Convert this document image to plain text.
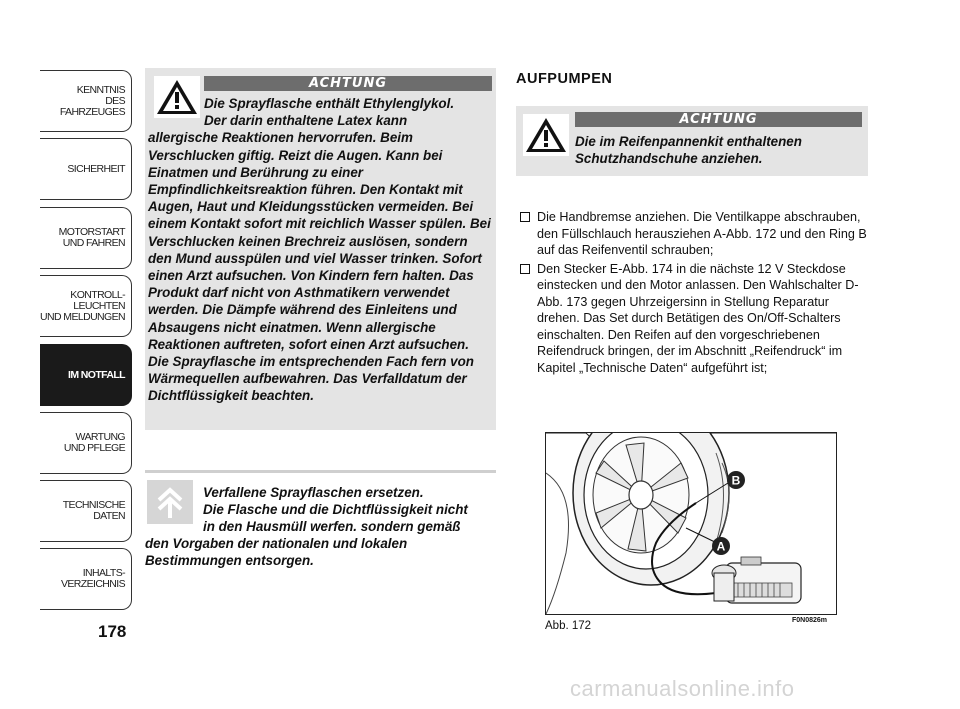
KENNTNIS
DES FAHRZEUGES
SICHERHEIT
MOTORSTART
UND FAHREN
KONTROLL-
LEUCHTEN
UND MELDUNGEN
IM NOTFALL
WARTUNG
UND PFLEGE
TECHNISCHE
DATEN
INHALTS-
VERZEICHNIS
178
ACHTUNG
Die Sprayflasche enthält Ethylenglykol.
Der darin enthaltene Latex kann
allergische Reaktionen hervorrufen. Beim Verschlucken giftig. Reizt die Augen. Kann bei Einatmen und Berührung zu einer Empfindlichkeitsreaktion führen. Den Kontakt mit Augen, Haut und Kleidungsstücken vermeiden. Bei einem Kontakt sofort mit reichlich Wasser spülen. Bei Verschlucken keinen Brechreiz auslösen, sondern den Mund ausspülen und viel Wasser trinken. Sofort einen Arzt aufsuchen. Von Kindern fern halten. Das Produkt darf nicht von Asthmatikern verwendet werden. Die Dämpfe während des Einleitens und Absaugens nicht einatmen. Wenn allergische Reaktionen auftreten, sofort einen Arzt aufsuchen. Die Sprayflasche im entsprechenden Fach fern von Wärmequellen aufbewahren. Das Verfalldatum der Dichtflüssigkeit beachten.
Verfallene Sprayflaschen ersetzen.
Die Flasche und die Dichtflüssigkeit nicht
in den Hausmüll werfen. sondern gemäß
den Vorgaben der nationalen und lokalen Bestimmungen entsorgen.
AUFPUMPEN
ACHTUNG
Die im Reifenpannenkit enthaltenen Schutzhandschuhe anziehen.
Die Handbremse anziehen. Die Ventilkappe abschrauben, den Füllschlauch herausziehen A-Abb. 172 und den Ring B auf das Reifenventil schrauben;
Den Stecker E-Abb. 174 in die nächste 12 V Steckdose einstecken und den Motor anlassen. Den Wahlschalter D-Abb. 173 gegen Uhrzeigersinn in Stellung Reparatur drehen. Das Set durch Betätigen des On/Off-Schalters einschalten. Den Reifen auf den vorgeschriebenen Reifendruck bringen, der im Abschnitt „Reifendruck“ im Kapitel „Technische Daten“ aufgeführt ist;
B
A
Abb. 172	F0N0826m
carmanualsonline.info
